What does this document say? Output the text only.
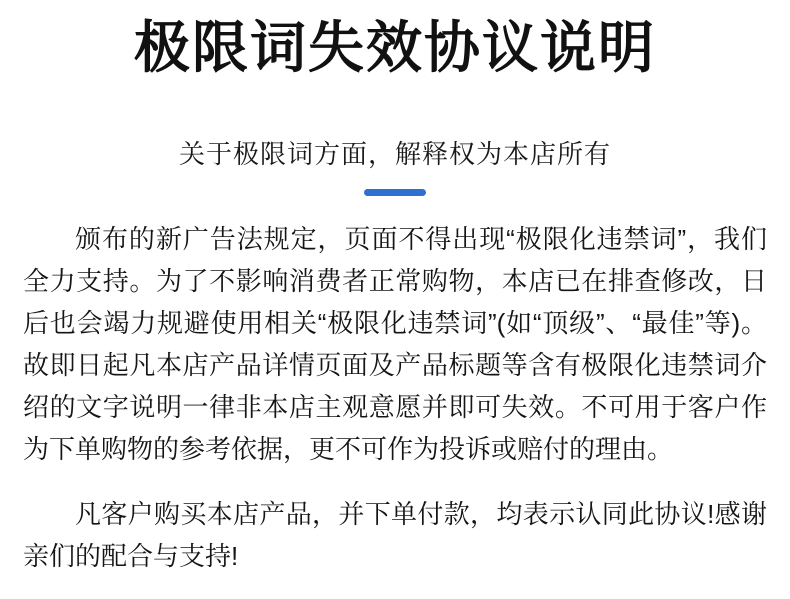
极限词失效协议说明
关于极限词方面，解释权为本店所有

颁布的新广告法规定，页面不得出现“极限化违禁词”，我们全力支持。为了不影响消费者正常购物，本店已在排查修改，日后也会竭力规避使用相关“极限化违禁词”(如“顶级”、“最佳”等)。故即日起凡本店产品详情页面及产品标题等含有极限化违禁词介绍的文字说明一律非本店主观意愿并即可失效。不可用于客户作为下单购物的参考依据，更不可作为投诉或赔付的理由。

凡客户购买本店产品，并下单付款，均表示认同此协议!感谢亲们的配合与支持!
